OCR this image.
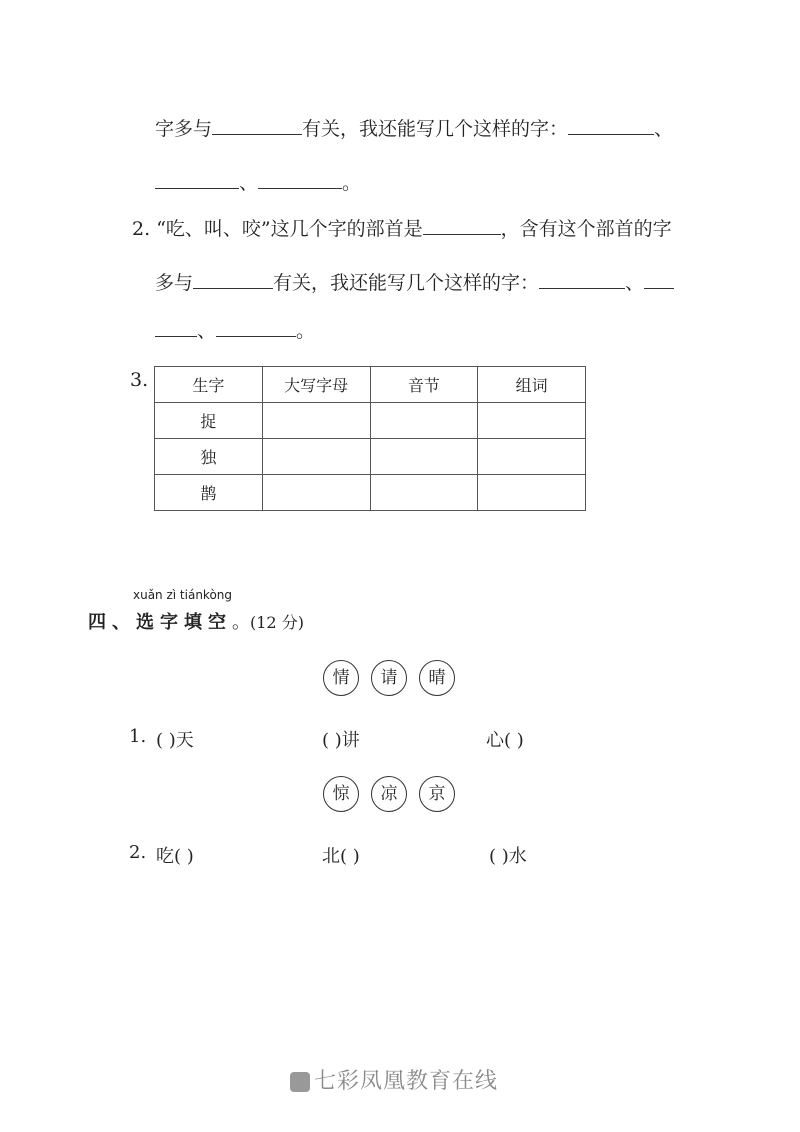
字多与	有关，我还能写几个这样的字：	、
、	。
2. “吃、叫、咬”这几个字的部首是	，含有这个部首的字
多与	有关，我还能写几个这样的字：	、
、	。
3.	生字	大写字母	音节	组词
捉			
独			
鹊			
xuǎn zì tiánkòng
四、选字填空。(12 分)
情	请	晴
1. ( )天	( )讲	心( )
惊	凉	京
2. 吃( )	北( )	( )水
七彩凤凰教育在线
